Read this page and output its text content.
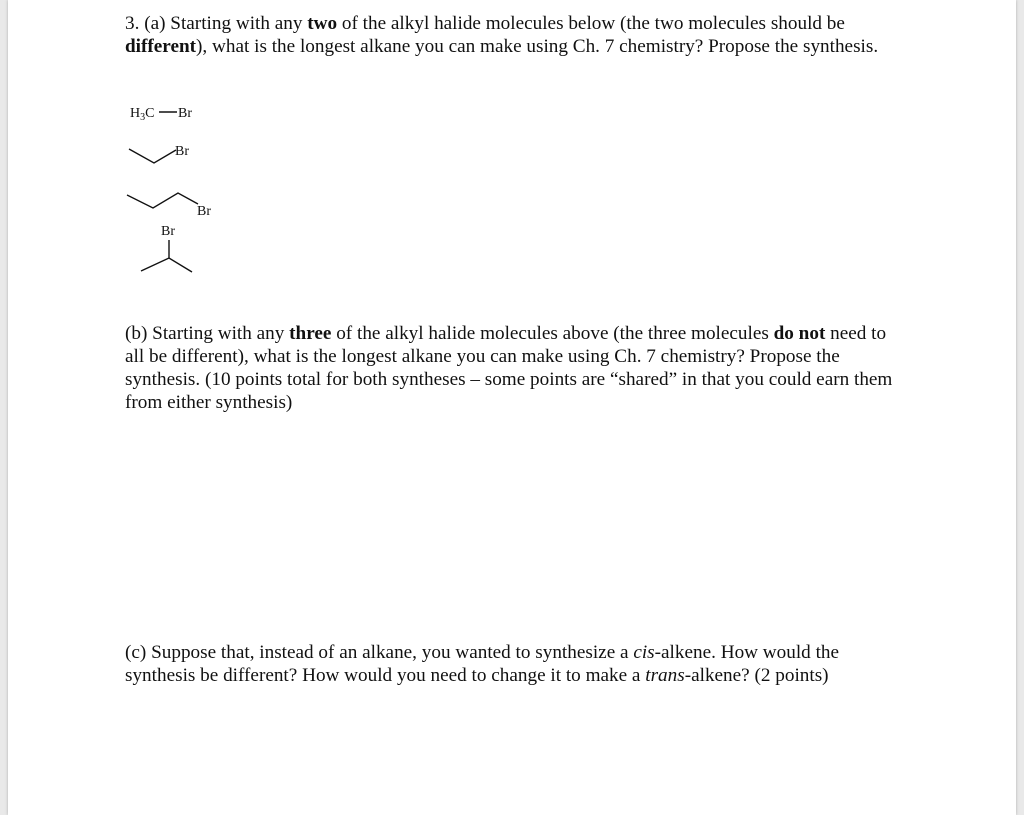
3. (a) Starting with any two of the alkyl halide molecules below (the two molecules should be different), what is the longest alkane you can make using Ch. 7 chemistry? Propose the synthesis.

$H_3C$ Br
Br
Br
Br

(b) Starting with any three of the alkyl halide molecules above (the three molecules do not need to all be different), what is the longest alkane you can make using Ch. 7 chemistry? Propose the synthesis. (10 points total for both syntheses – some points are “shared” in that you could earn them from either synthesis)

(c) Suppose that, instead of an alkane, you wanted to synthesize a cis-alkene. How would the synthesis be different? How would you need to change it to make a trans-alkene? (2 points)
